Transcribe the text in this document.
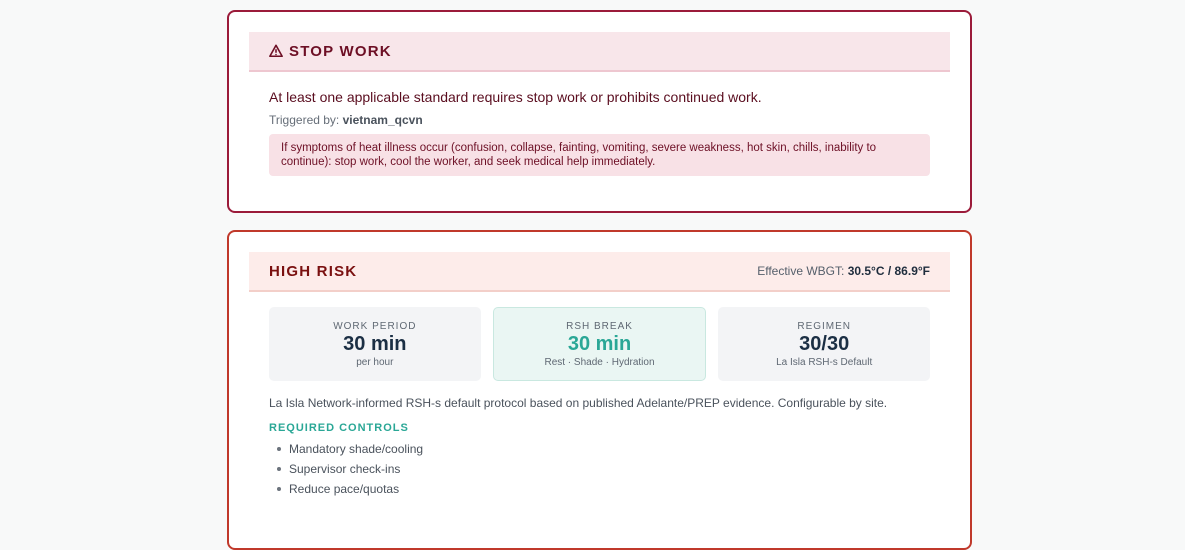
STOP WORK

At least one applicable standard requires stop work or prohibits continued work.

Triggered by: vietnam_qcvn

If symptoms of heat illness occur (confusion, collapse, fainting, vomiting, severe weakness, hot skin, chills, inability to continue): stop work, cool the worker, and seek medical help immediately.
HIGH RISK	Effective WBGT: 30.5°C / 86.9°F
WORK PERIOD
30 min
per hour
RSH BREAK
30 min
Rest · Shade · Hydration
REGIMEN
30/30
La Isla RSH-s Default
La Isla Network-informed RSH-s default protocol based on published Adelante/PREP evidence. Configurable by site.
REQUIRED CONTROLS
Mandatory shade/cooling
Supervisor check-ins
Reduce pace/quotas
